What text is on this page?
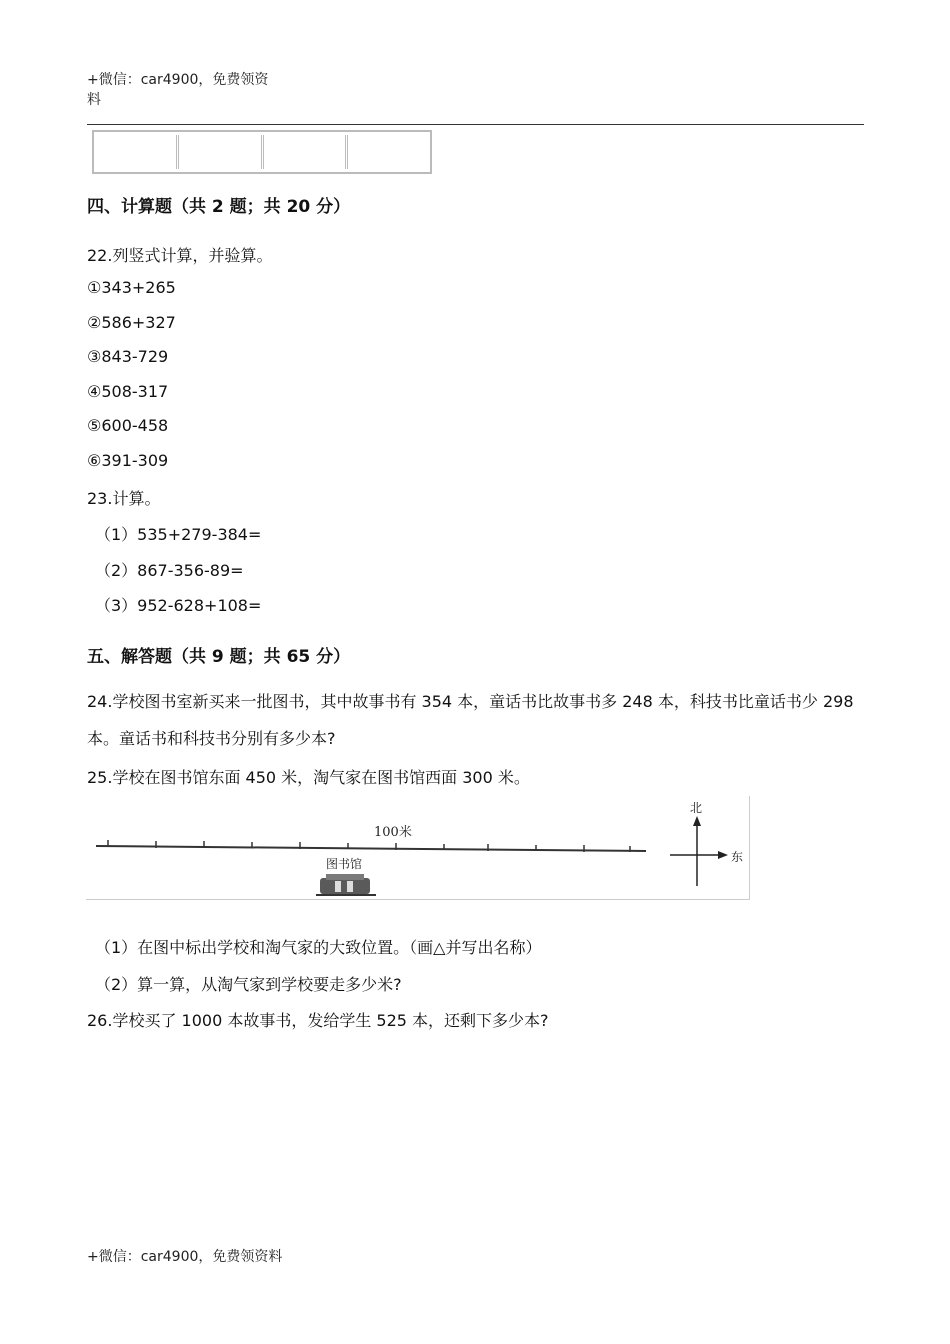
+微信：car4900，免费领资
料
四、计算题（共 2 题；共 20 分）
22.列竖式计算，并验算。
①343+265
②586+327
③843-729
④508-317
⑤600-458
⑥391-309
23.计算。
（1）535+279-384=
（2）867-356-89=
（3）952-628+108=
五、解答题（共 9 题；共 65 分）
24.学校图书室新买来一批图书，其中故事书有 354 本，童话书比故事书多 248 本，科技书比童话书少 298
本。童话书和科技书分别有多少本?
25.学校在图书馆东面 450 米，淘气家在图书馆西面 300 米。
100米
图书馆
北
东
（1）在图中标出学校和淘气家的大致位置。（画△并写出名称）
（2）算一算，从淘气家到学校要走多少米?
26.学校买了 1000 本故事书，发给学生 525 本，还剩下多少本?
+微信：car4900，免费领资料
